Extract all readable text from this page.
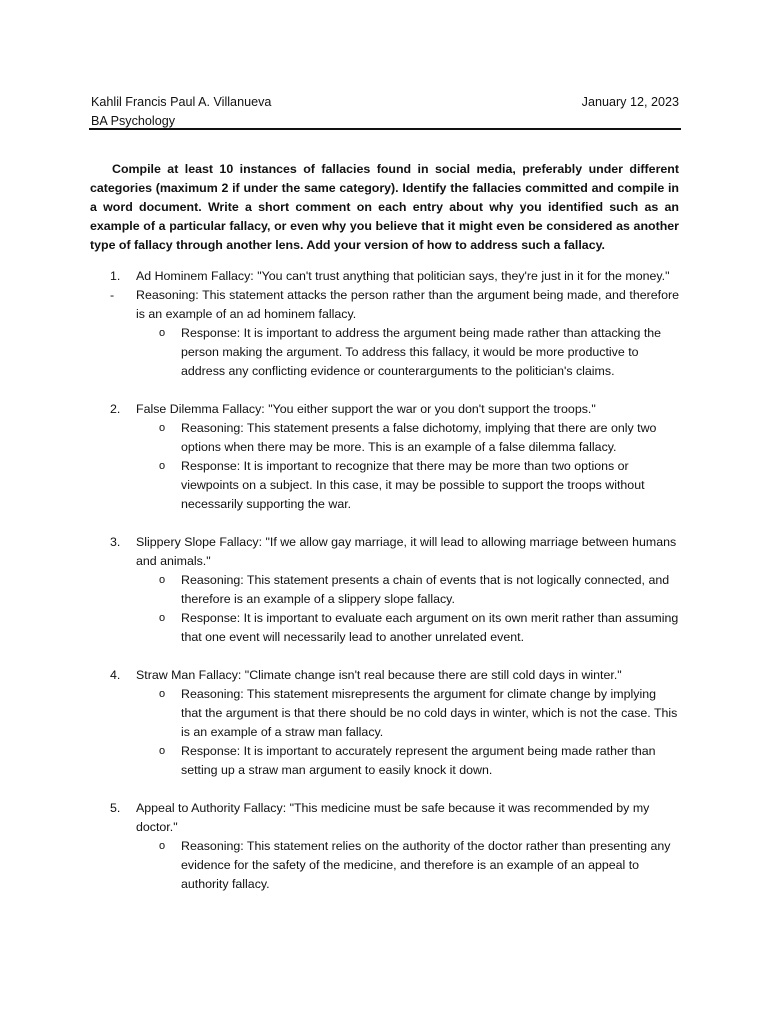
Kahlil Francis Paul A. Villanueva	January 12, 2023
BA Psychology

Compile at least 10 instances of fallacies found in social media, preferably under different categories (maximum 2 if under the same category). Identify the fallacies committed and compile in a word document. Write a short comment on each entry about why you identified such as an example of a particular fallacy, or even why you believe that it might even be considered as another type of fallacy through another lens. Add your version of how to address such a fallacy.

1.	Ad Hominem Fallacy: "You can't trust anything that politician says, they're just in it for the money."

- Reasoning: This statement attacks the person rather than the argument being made, and therefore is an example of an ad hominem fallacy.
o Response: It is important to address the argument being made rather than attacking the person making the argument. To address this fallacy, it would be more productive to address any conflicting evidence or counterarguments to the politician's claims.
2.	False Dilemma Fallacy: "You either support the war or you don't support the troops."

o Reasoning: This statement presents a false dichotomy, implying that there are only two options when there may be more. This is an example of a false dilemma fallacy.
o Response: It is important to recognize that there may be more than two options or viewpoints on a subject. In this case, it may be possible to support the troops without necessarily supporting the war.
3.	Slippery Slope Fallacy: "If we allow gay marriage, it will lead to allowing marriage between humans and animals."

o Reasoning: This statement presents a chain of events that is not logically connected, and therefore is an example of a slippery slope fallacy.
o Response: It is important to evaluate each argument on its own merit rather than assuming that one event will necessarily lead to another unrelated event.
4.	Straw Man Fallacy: "Climate change isn't real because there are still cold days in winter."

o Reasoning: This statement misrepresents the argument for climate change by implying that the argument is that there should be no cold days in winter, which is not the case. This is an example of a straw man fallacy.
o Response: It is important to accurately represent the argument being made rather than setting up a straw man argument to easily knock it down.
5.	Appeal to Authority Fallacy: "This medicine must be safe because it was recommended by my doctor."

o Reasoning: This statement relies on the authority of the doctor rather than presenting any evidence for the safety of the medicine, and therefore is an example of an appeal to authority fallacy.
